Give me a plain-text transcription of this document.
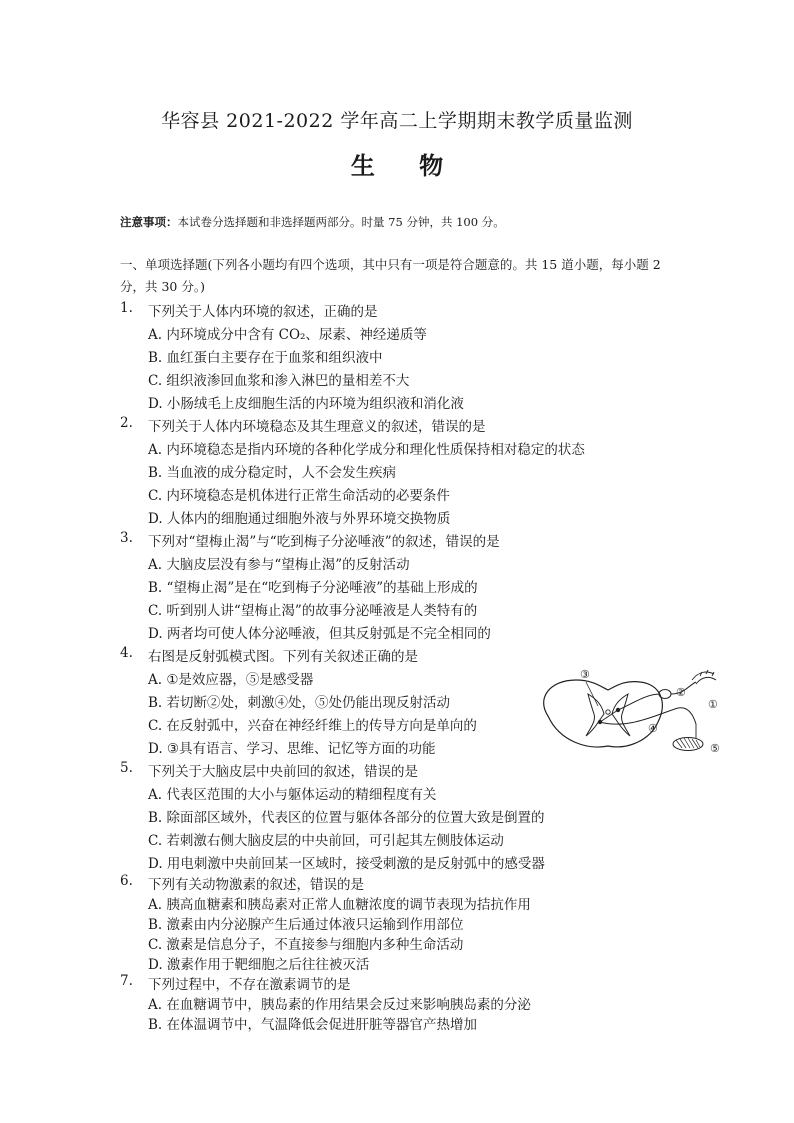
华容县 2021-2022 学年高二上学期期末教学质量监测
生 物
注意事项：本试卷分选择题和非选择题两部分。时量 75 分钟，共 100 分。
一、单项选择题(下列各小题均有四个选项，其中只有一项是符合题意的。共 15 道小题，每小题 2 分，共 30 分。)
1.	下列关于人体内环境的叙述，正确的是
A. 内环境成分中含有 CO₂、尿素、神经递质等
B. 血红蛋白主要存在于血浆和组织液中
C. 组织液渗回血浆和渗入淋巴的量相差不大
D. 小肠绒毛上皮细胞生活的内环境为组织液和消化液
2.	下列关于人体内环境稳态及其生理意义的叙述，错误的是
A. 内环境稳态是指内环境的各种化学成分和理化性质保持相对稳定的状态
B. 当血液的成分稳定时，人不会发生疾病
C. 内环境稳态是机体进行正常生命活动的必要条件
D. 人体内的细胞通过细胞外液与外界环境交换物质
3.	下列对“望梅止渴”与“吃到梅子分泌唾液”的叙述，错误的是
A. 大脑皮层没有参与“望梅止渴”的反射活动
B. “望梅止渴”是在“吃到梅子分泌唾液”的基础上形成的
C. 听到别人讲“望梅止渴”的故事分泌唾液是人类特有的
D. 两者均可使人体分泌唾液，但其反射弧是不完全相同的
4.	右图是反射弧模式图。下列有关叙述正确的是
A. ①是效应器，⑤是感受器
B. 若切断②处，刺激④处，⑤处仍能出现反射活动
C. 在反射弧中，兴奋在神经纤维上的传导方向是单向的
D. ③具有语言、学习、思维、记忆等方面的功能
③
②
①
④
⑤
5.	下列关于大脑皮层中央前回的叙述，错误的是
A. 代表区范围的大小与躯体运动的精细程度有关
B. 除面部区域外，代表区的位置与躯体各部分的位置大致是倒置的
C. 若刺激右侧大脑皮层的中央前回，可引起其左侧肢体运动
D. 用电刺激中央前回某一区域时，接受刺激的是反射弧中的感受器
6.	下列有关动物激素的叙述，错误的是
A. 胰高血糖素和胰岛素对正常人血糖浓度的调节表现为拮抗作用
B. 激素由内分泌腺产生后通过体液只运输到作用部位
C. 激素是信息分子，不直接参与细胞内多种生命活动
D. 激素作用于靶细胞之后往往被灭活
7.	下列过程中，不存在激素调节的是
A. 在血糖调节中，胰岛素的作用结果会反过来影响胰岛素的分泌
B. 在体温调节中，气温降低会促进肝脏等器官产热增加
